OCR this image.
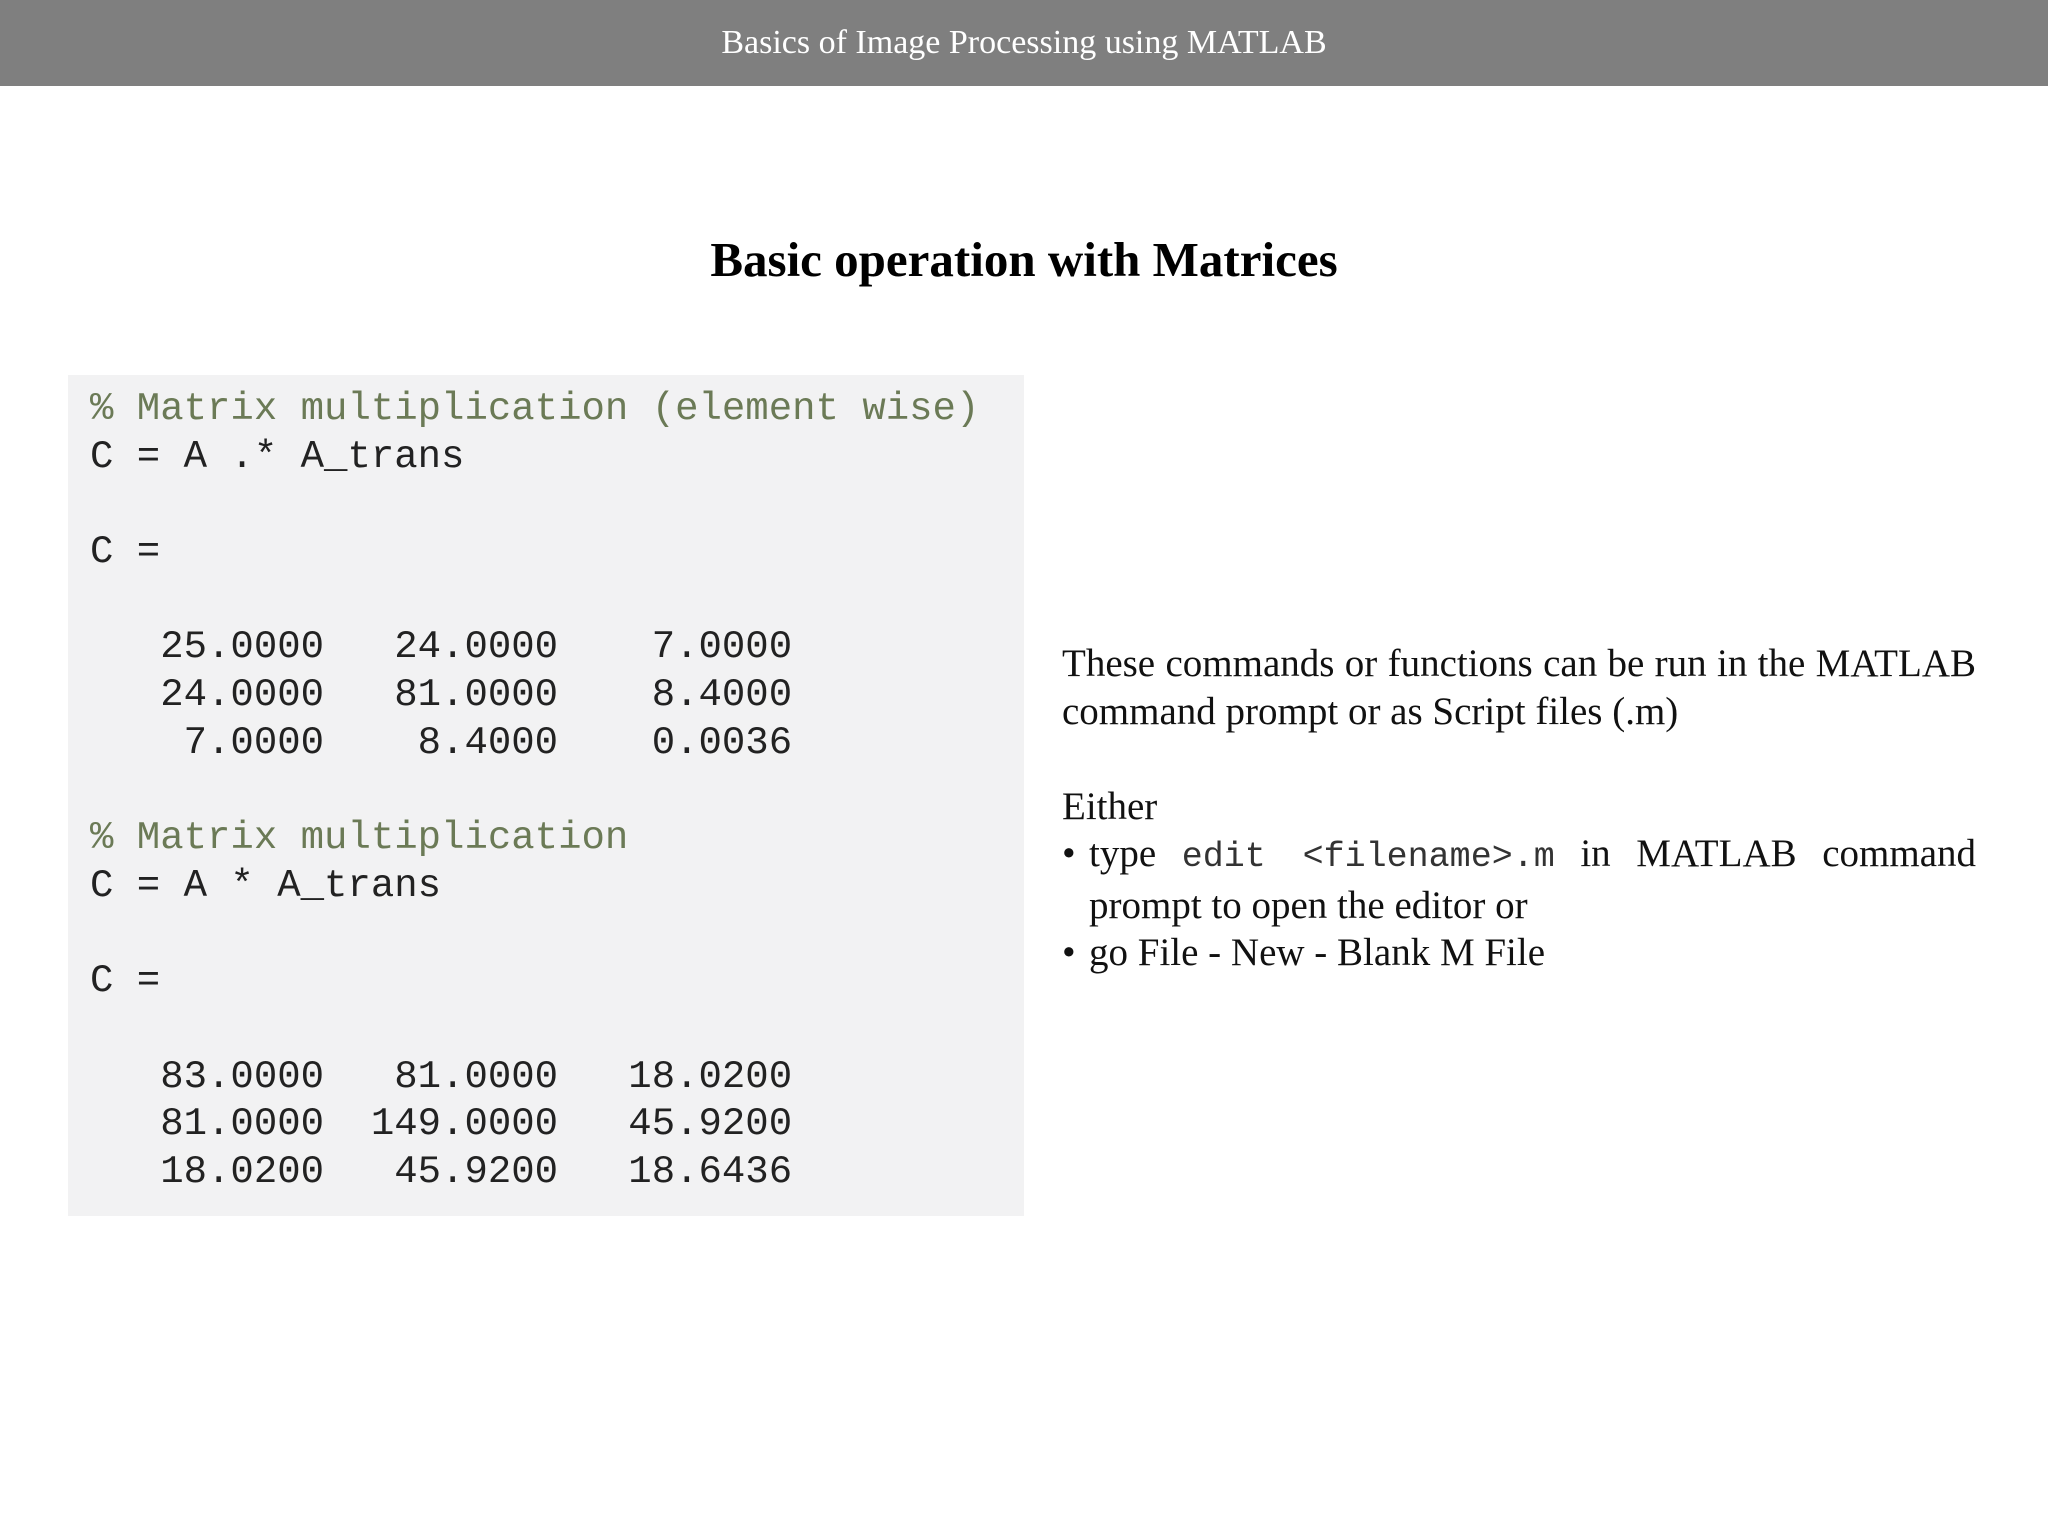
Basics of Image Processing using MATLAB
Basic operation with Matrices
% Matrix multiplication (element wise)
C = A .* A_trans
C =
25.0000   24.0000    7.0000
24.0000   81.0000    8.4000
7.0000    8.4000    0.0036
% Matrix multiplication
C = A * A_trans
C =
83.0000   81.0000   18.0200
81.0000  149.0000   45.9200
18.0200   45.9200   18.6436

These commands or functions can be run in the MATLAB command prompt or as Script files (.m)

Either

• type edit <filename>.m in MATLAB command prompt to open the editor or
• go File - New - Blank M File
